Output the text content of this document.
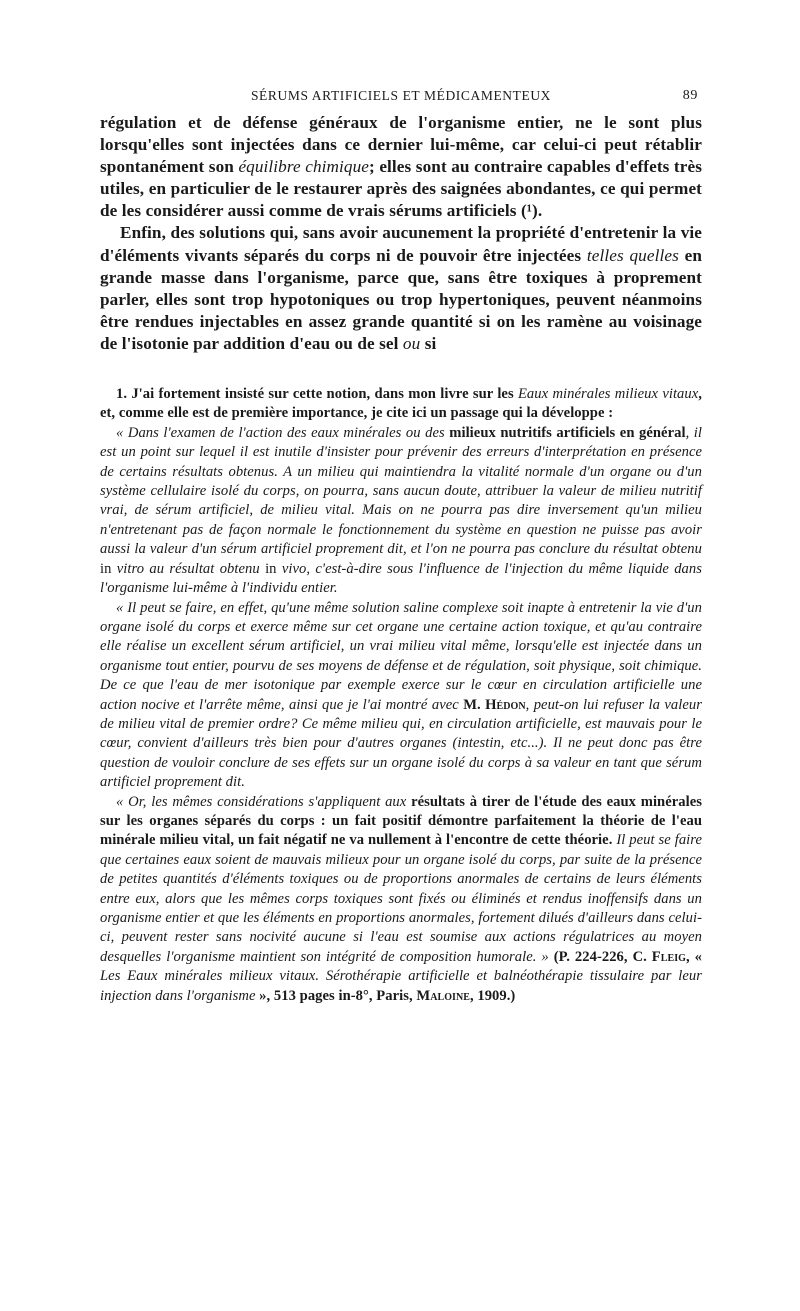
SÉRUMS ARTIFICIELS ET MÉDICAMENTEUX	89

régulation et de défense généraux de l'organisme entier, ne le sont plus lorsqu'elles sont injectées dans ce dernier lui-même, car celui-ci peut rétablir spontanément son équilibre chimique; elles sont au contraire capables d'effets très utiles, en particulier de le restaurer après des saignées abondantes, ce qui permet de les considérer aussi comme de vrais sérums artificiels (¹).

Enfin, des solutions qui, sans avoir aucunement la propriété d'entretenir la vie d'éléments vivants séparés du corps ni de pouvoir être injectées telles quelles en grande masse dans l'organisme, parce que, sans être toxiques à proprement parler, elles sont trop hypotoniques ou trop hypertoniques, peuvent néanmoins être rendues injectables en assez grande quantité si on les ramène au voisinage de l'isotonie par addition d'eau ou de sel ou si

1. J'ai fortement insisté sur cette notion, dans mon livre sur les Eaux minérales milieux vitaux, et, comme elle est de première importance, je cite ici un passage qui la développe :

« Dans l'examen de l'action des eaux minérales ou des milieux nutritifs artificiels en général, il est un point sur lequel il est inutile d'insister pour prévenir des erreurs d'interprétation en présence de certains résultats obtenus. A un milieu qui maintiendra la vitalité normale d'un organe ou d'un système cellulaire isolé du corps, on pourra, sans aucun doute, attribuer la valeur de milieu nutritif vrai, de sérum artificiel, de milieu vital. Mais on ne pourra pas dire inversement qu'un milieu n'entretenant pas de façon normale le fonctionnement du système en question ne puisse pas avoir aussi la valeur d'un sérum artificiel proprement dit, et l'on ne pourra pas conclure du résultat obtenu in vitro au résultat obtenu in vivo, c'est-à-dire sous l'influence de l'injection du même liquide dans l'organisme lui-même à l'individu entier.

« Il peut se faire, en effet, qu'une même solution saline complexe soit inapte à entretenir la vie d'un organe isolé du corps et exerce même sur cet organe une certaine action toxique, et qu'au contraire elle réalise un excellent sérum artificiel, un vrai milieu vital même, lorsqu'elle est injectée dans un organisme tout entier, pourvu de ses moyens de défense et de régulation, soit physique, soit chimique. De ce que l'eau de mer isotonique par exemple exerce sur le cœur en circulation artificielle une action nocive et l'arrête même, ainsi que je l'ai montré avec M. Hédon, peut-on lui refuser la valeur de milieu vital de premier ordre? Ce même milieu qui, en circulation artificielle, est mauvais pour le cœur, convient d'ailleurs très bien pour d'autres organes (intestin, etc...). Il ne peut donc pas être question de vouloir conclure de ses effets sur un organe isolé du corps à sa valeur en tant que sérum artificiel proprement dit.

« Or, les mêmes considérations s'appliquent aux résultats à tirer de l'étude des eaux minérales sur les organes séparés du corps : un fait positif démontre parfaitement la théorie de l'eau minérale milieu vital, un fait négatif ne va nullement à l'encontre de cette théorie. Il peut se faire que certaines eaux soient de mauvais milieux pour un organe isolé du corps, par suite de la présence de petites quantités d'éléments toxiques ou de proportions anormales de certains de leurs éléments entre eux, alors que les mêmes corps toxiques sont fixés ou éliminés et rendus inoffensifs dans un organisme entier et que les éléments en proportions anormales, fortement dilués d'ailleurs dans celui-ci, peuvent rester sans nocivité aucune si l'eau est soumise aux actions régulatrices au moyen desquelles l'organisme maintient son intégrité de composition humorale. » (P. 224-226, C. Fleig, « Les Eaux minérales milieux vitaux. Sérothérapie artificielle et balnéothérapie tissulaire par leur injection dans l'organisme », 513 pages in-8°, Paris, Maloine, 1909.)
